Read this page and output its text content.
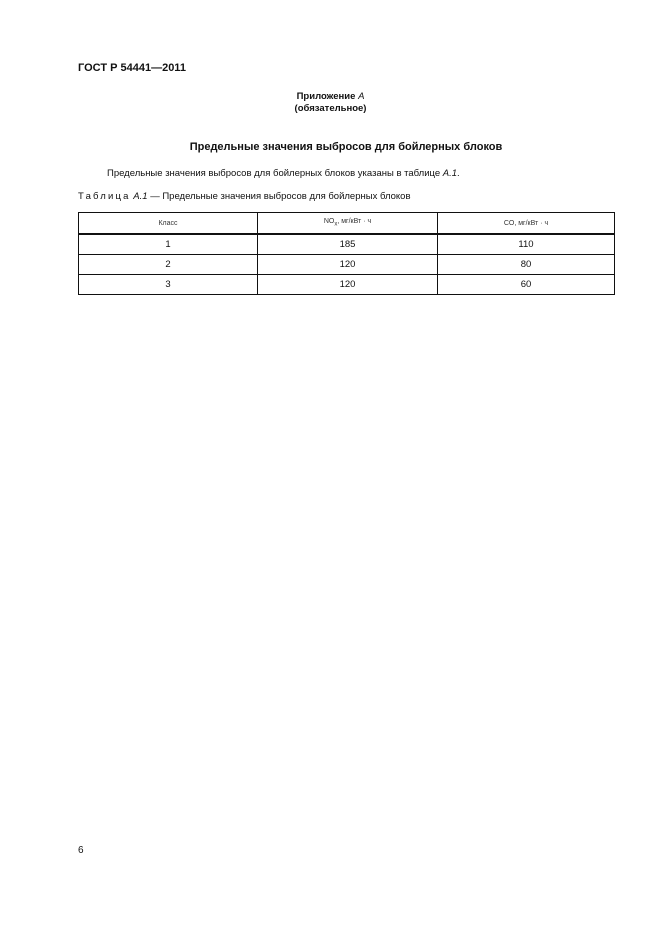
ГОСТ Р 54441—2011
Приложение А
(обязательное)
Предельные значения выбросов для бойлерных блоков
Предельные значения выбросов для бойлерных блоков указаны в таблице А.1.
Таблица А.1 — Предельные значения выбросов для бойлерных блоков
Класс	$NO_x$, мг/кВт · ч	CO, мг/кВт · ч
1	185	110
2	120	80
3	120	60
6
